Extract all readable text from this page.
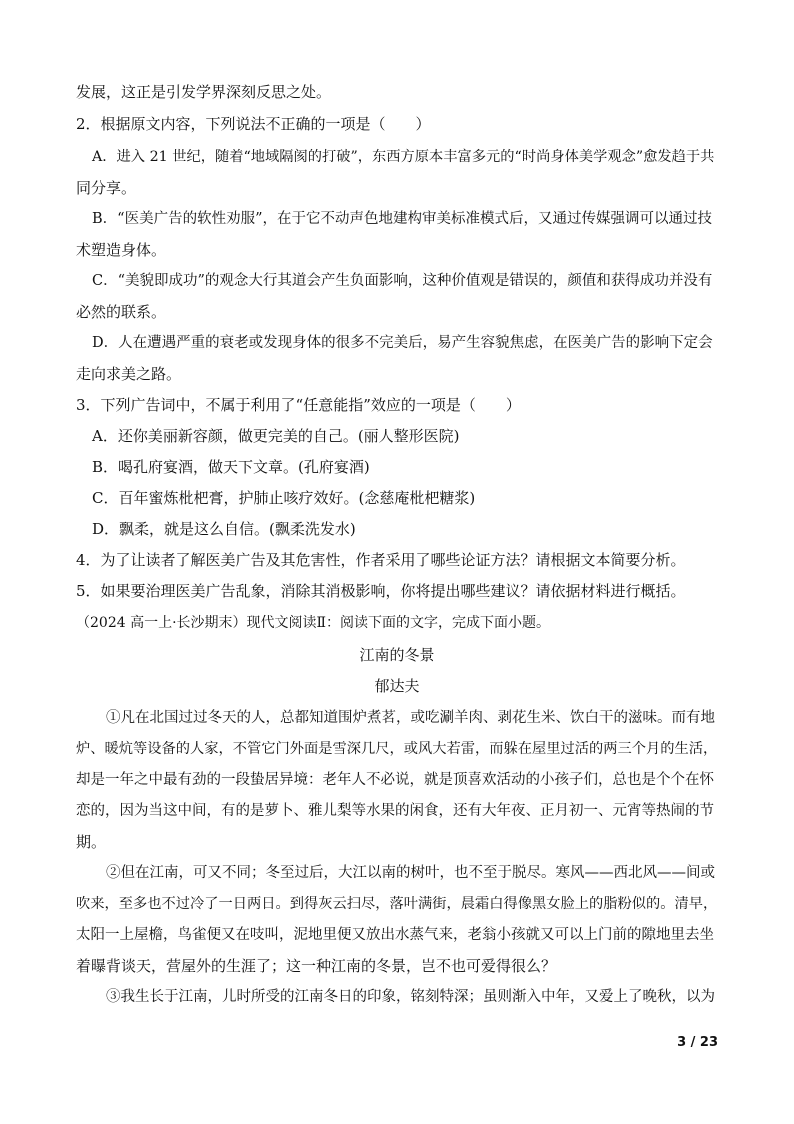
发展，这正是引发学界深刻反思之处。
2．根据原文内容，下列说法不正确的一项是（　　）
A．进入 21 世纪，随着“地域隔阂的打破”，东西方原本丰富多元的“时尚身体美学观念”愈发趋于共
同分享。
B．“医美广告的软性劝服”，在于它不动声色地建构审美标准模式后，又通过传媒强调可以通过技
术塑造身体。
C．“美貌即成功”的观念大行其道会产生负面影响，这种价值观是错误的，颜值和获得成功并没有
必然的联系。
D．人在遭遇严重的衰老或发现身体的很多不完美后，易产生容貌焦虑，在医美广告的影响下定会
走向求美之路。
3．下列广告词中，不属于利用了“任意能指”效应的一项是（　　）
A．还你美丽新容颜，做更完美的自己。(丽人整形医院)
B．喝孔府宴酒，做天下文章。(孔府宴酒)
C．百年蜜炼枇杷膏，护肺止咳疗效好。(念慈庵枇杷糖浆)
D．飘柔，就是这么自信。(飘柔洗发水)
4．为了让读者了解医美广告及其危害性，作者采用了哪些论证方法？请根据文本简要分析。
5．如果要治理医美广告乱象，消除其消极影响，你将提出哪些建议？请依据材料进行概括。
（2024 高一上·长沙期末）现代文阅读Ⅱ：阅读下面的文字，完成下面小题。
江南的冬景
郁达夫
①凡在北国过过冬天的人，总都知道围炉煮茗，或吃涮羊肉、剥花生米、饮白干的滋味。而有地
炉、暖炕等设备的人家，不管它门外面是雪深几尺，或风大若雷，而躲在屋里过活的两三个月的生活，
却是一年之中最有劲的一段蛰居异境：老年人不必说，就是顶喜欢活动的小孩子们，总也是个个在怀
恋的，因为当这中间，有的是萝卜、雅儿梨等水果的闲食，还有大年夜、正月初一、元宵等热闹的节
期。
②但在江南，可又不同；冬至过后，大江以南的树叶，也不至于脱尽。寒风——西北风——间或
吹来，至多也不过冷了一日两日。到得灰云扫尽，落叶满街，晨霜白得像黑女脸上的脂粉似的。清早，
太阳一上屋檐，鸟雀便又在吱叫，泥地里便又放出水蒸气来，老翁小孩就又可以上门前的隙地里去坐
着曝背谈天，营屋外的生涯了；这一种江南的冬景，岂不也可爱得很么？
③我生长于江南，儿时所受的江南冬日的印象，铭刻特深；虽则渐入中年，又爱上了晚秋，以为
3 / 23
